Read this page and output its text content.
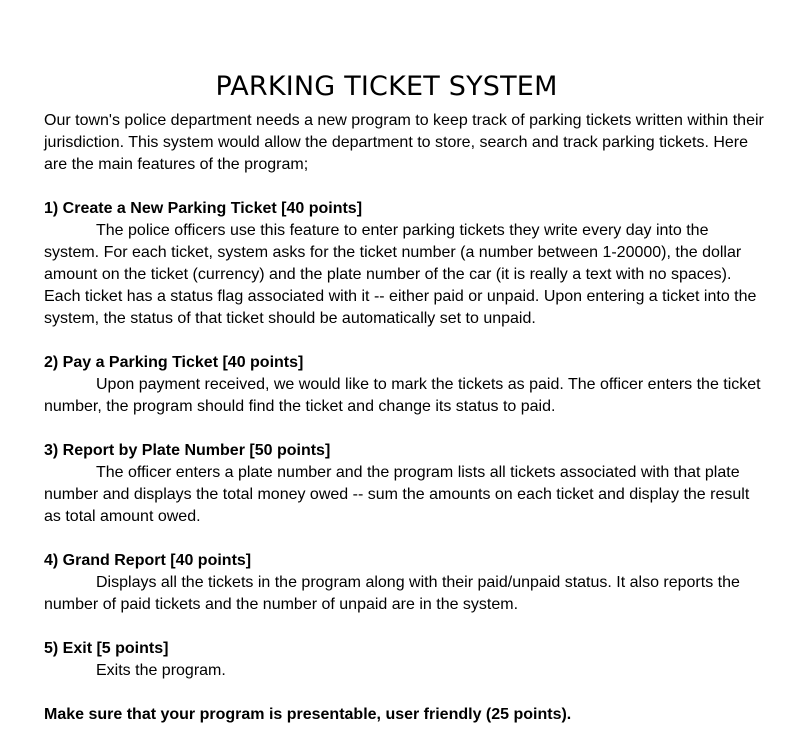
PARKING TICKET SYSTEM

Our town's police department needs a new program to keep track of parking tickets written within their jurisdiction. This system would allow the department to store, search and track parking tickets. Here are the main features of the program;

1) Create a New Parking Ticket [40 points]

The police officers use this feature to enter parking tickets they write every day into the system. For each ticket, system asks for the ticket number (a number between 1-20000), the dollar amount on the ticket (currency) and the plate number of the car (it is really a text with no spaces). Each ticket has a status flag associated with it -- either paid or unpaid. Upon entering a ticket into the system, the status of that ticket should be automatically set to unpaid.

2) Pay a Parking Ticket [40 points]

Upon payment received, we would like to mark the tickets as paid. The officer enters the ticket number, the program should find the ticket and change its status to paid.

3) Report by Plate Number [50 points]

The officer enters a plate number and the program lists all tickets associated with that plate number and displays the total money owed -- sum the amounts on each ticket and display the result as total amount owed.

4) Grand Report [40 points]

Displays all the tickets in the program along with their paid/unpaid status. It also reports the number of paid tickets and the number of unpaid are in the system.

5) Exit [5 points]

Exits the program.

Make sure that your program is presentable, user friendly (25 points).
